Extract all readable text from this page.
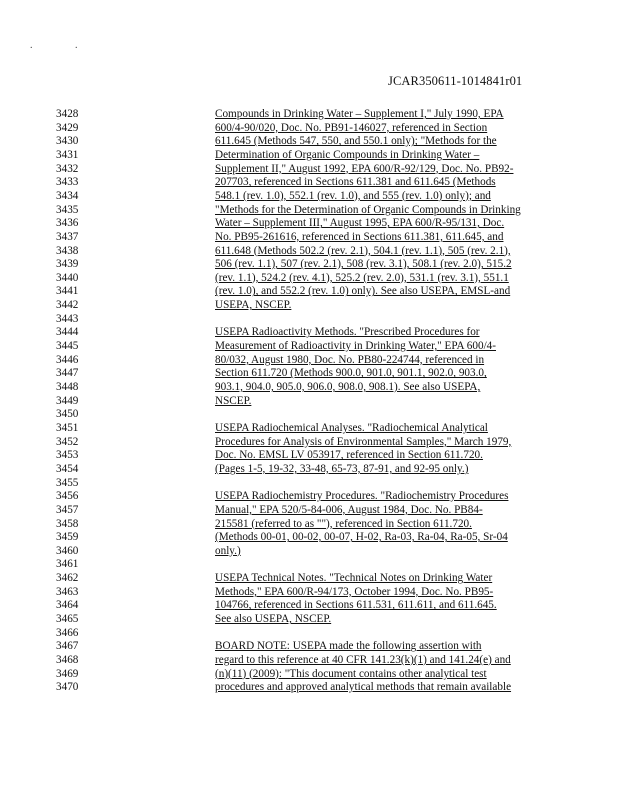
. .
JCAR350611-1014841r01
3428	Compounds in Drinking Water – Supplement I," July 1990, EPA
3429	600/4-90/020, Doc. No. PB91-146027, referenced in Section
3430	611.645 (Methods 547, 550, and 550.1 only); "Methods for the
3431	Determination of Organic Compounds in Drinking Water –
3432	Supplement II," August 1992, EPA 600/R-92/129, Doc. No. PB92-
3433	207703, referenced in Sections 611.381 and 611.645 (Methods
3434	548.1 (rev. 1.0), 552.1 (rev. 1.0), and 555 (rev. 1.0) only); and
3435	"Methods for the Determination of Organic Compounds in Drinking
3436	Water – Supplement III," August 1995, EPA 600/R-95/131, Doc.
3437	No. PB95-261616, referenced in Sections 611.381, 611.645, and
3438	611.648 (Methods 502.2 (rev. 2.1), 504.1 (rev. 1.1), 505 (rev. 2.1),
3439	506 (rev. 1.1), 507 (rev. 2.1), 508 (rev. 3.1), 508.1 (rev. 2.0), 515.2
3440	(rev. 1.1), 524.2 (rev. 4.1), 525.2 (rev. 2.0), 531.1 (rev. 3.1), 551.1
3441	(rev. 1.0), and 552.2 (rev. 1.0) only). See also USEPA, EMSL-and
3442	USEPA, NSCEP.
3443
3444	USEPA Radioactivity Methods. "Prescribed Procedures for
3445	Measurement of Radioactivity in Drinking Water," EPA 600/4-
3446	80/032, August 1980, Doc. No. PB80-224744, referenced in
3447	Section 611.720 (Methods 900.0, 901.0, 901.1, 902.0, 903.0,
3448	903.1, 904.0, 905.0, 906.0, 908.0, 908.1). See also USEPA,
3449	NSCEP.
3450
3451	USEPA Radiochemical Analyses. "Radiochemical Analytical
3452	Procedures for Analysis of Environmental Samples," March 1979,
3453	Doc. No. EMSL LV 053917, referenced in Section 611.720.
3454	(Pages 1-5, 19-32, 33-48, 65-73, 87-91, and 92-95 only.)
3455
3456	USEPA Radiochemistry Procedures. "Radiochemistry Procedures
3457	Manual," EPA 520/5-84-006, August 1984, Doc. No. PB84-
3458	215581 (referred to as ""), referenced in Section 611.720.
3459	(Methods 00-01, 00-02, 00-07, H-02, Ra-03, Ra-04, Ra-05, Sr-04
3460	only.)
3461
3462	USEPA Technical Notes. "Technical Notes on Drinking Water
3463	Methods," EPA 600/R-94/173, October 1994, Doc. No. PB95-
3464	104766, referenced in Sections 611.531, 611.611, and 611.645.
3465	See also USEPA, NSCEP.
3466
3467	BOARD NOTE: USEPA made the following assertion with
3468	regard to this reference at 40 CFR 141.23(k)(1) and 141.24(e) and
3469	(n)(11) (2009): "This document contains other analytical test
3470	procedures and approved analytical methods that remain available
